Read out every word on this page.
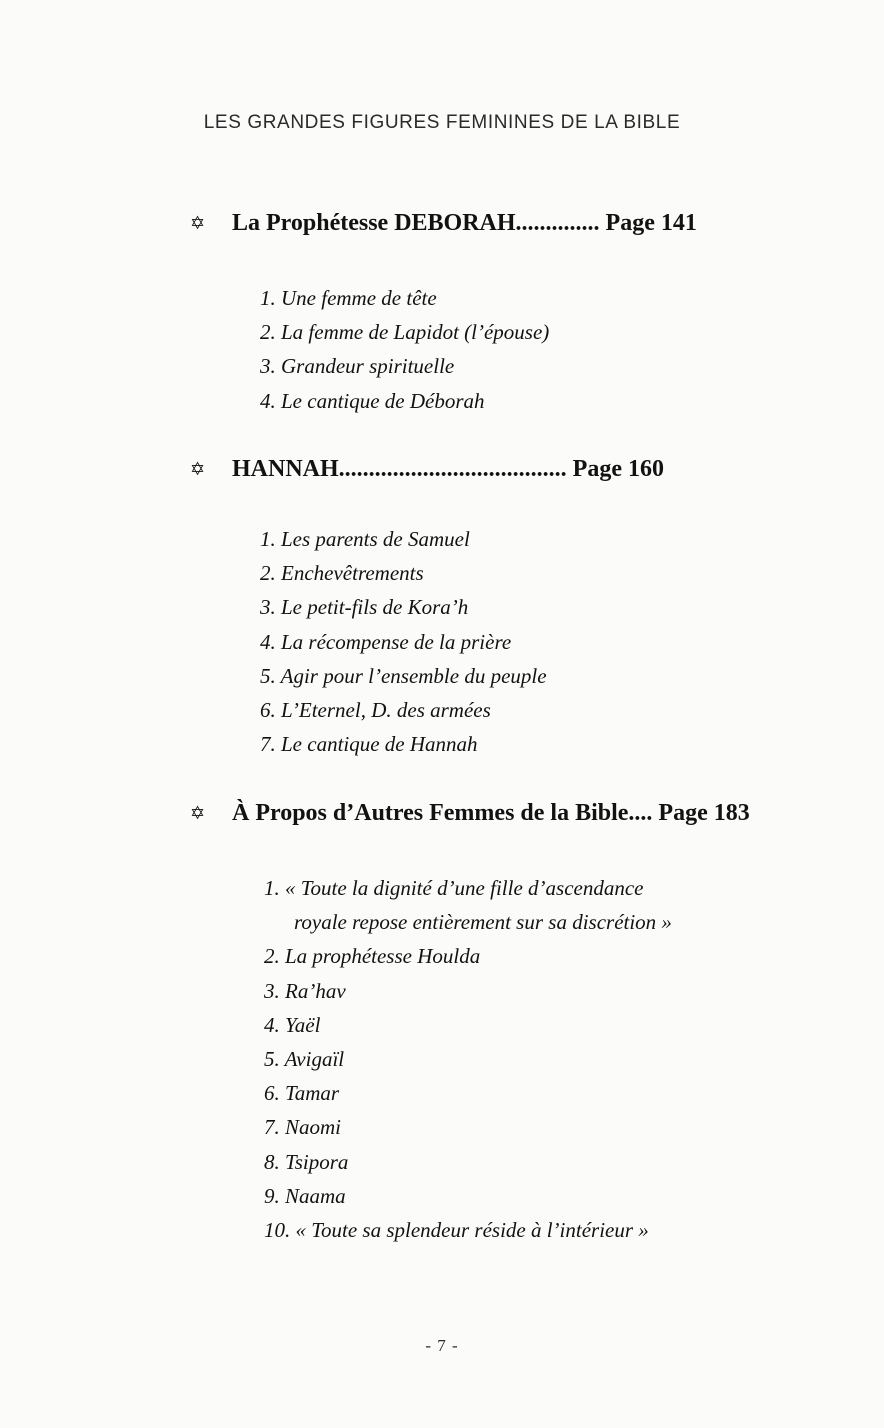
LES GRANDES FIGURES FEMININES DE LA BIBLE
✡ La Prophétesse DEBORAH.............. Page 141
1. Une femme de tête
2. La femme de Lapidot (l’épouse)
3. Grandeur spirituelle
4. Le cantique de Déborah
✡ HANNAH...................................... Page 160
1. Les parents de Samuel
2. Enchevêtrements
3. Le petit-fils de Kora’h
4. La récompense de la prière
5. Agir pour l’ensemble du peuple
6. L’Eternel, D. des armées
7. Le cantique de Hannah
✡ À Propos d’Autres Femmes de la Bible.... Page 183
1. « Toute la dignité d’une fille d’ascendance
royale repose entièrement sur sa discrétion »
2. La prophétesse Houlda
3. Ra’hav
4. Yaël
5. Avigaïl
6. Tamar
7. Naomi
8. Tsipora
9. Naama
10. « Toute sa splendeur réside à l’intérieur »
- 7 -
